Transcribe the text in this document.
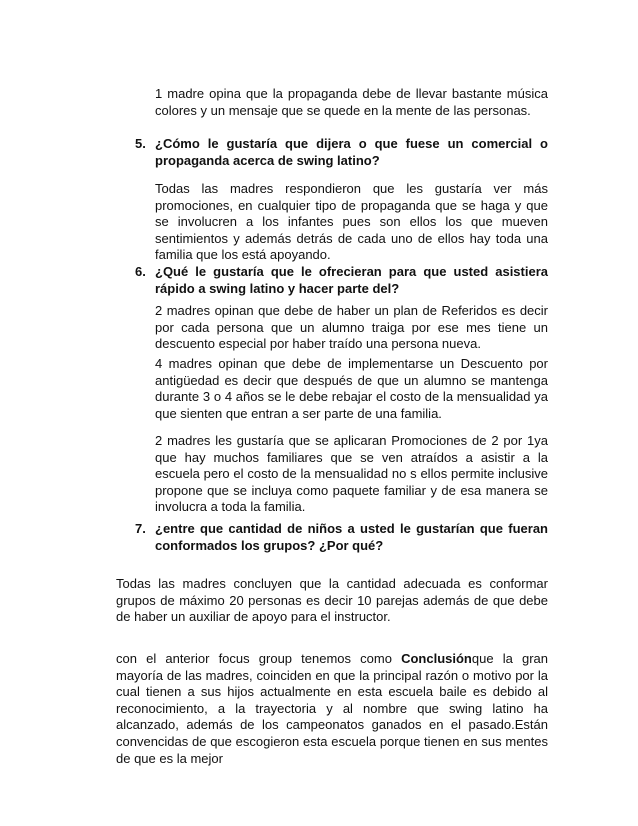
1 madre opina que la propaganda debe de llevar bastante música colores y un mensaje que se quede en la mente de las personas.

5. ¿Cómo le gustaría que dijera o que fuese un comercial o propaganda acerca de swing latino?

Todas las madres respondieron que les gustaría ver más promociones, en cualquier tipo de propaganda que se haga y que se involucren a los infantes pues son ellos los que mueven sentimientos y además detrás de cada uno de ellos hay toda una familia que los está apoyando.

6. ¿Qué le gustaría que le ofrecieran para que usted asistiera rápido a swing latino y hacer parte del?

2 madres opinan que debe de haber un plan de Referidos es decir por cada persona que un alumno traiga por ese mes tiene un descuento especial por haber traído una persona nueva.

4 madres opinan que debe de implementarse un Descuento por antigüedad es decir que después de que un alumno se mantenga durante 3 o 4 años se le debe rebajar el costo de la mensualidad ya que sienten que entran a ser parte de una familia.

2 madres les gustaría que se aplicaran Promociones de 2 por 1ya que hay muchos familiares que se ven atraídos a asistir a la escuela pero el costo de la mensualidad no s ellos permite inclusive propone que se incluya como paquete familiar y de esa manera se involucra a toda la familia.

7. ¿entre que cantidad de niños a usted le gustarían que fueran conformados los grupos? ¿Por qué?

Todas las madres concluyen que la cantidad adecuada es conformar grupos de máximo 20 personas es decir 10 parejas además de que debe de haber un auxiliar de apoyo para el instructor.

con el anterior focus group tenemos como Conclusiónque la gran mayoría de las madres, coinciden en que la principal razón o motivo por la cual tienen a sus hijos actualmente en esta escuela baile es debido al reconocimiento, a la trayectoria y al nombre que swing latino ha alcanzado, además de los campeonatos ganados en el pasado.Están convencidas de que escogieron esta escuela porque tienen en sus mentes de que es la mejor
